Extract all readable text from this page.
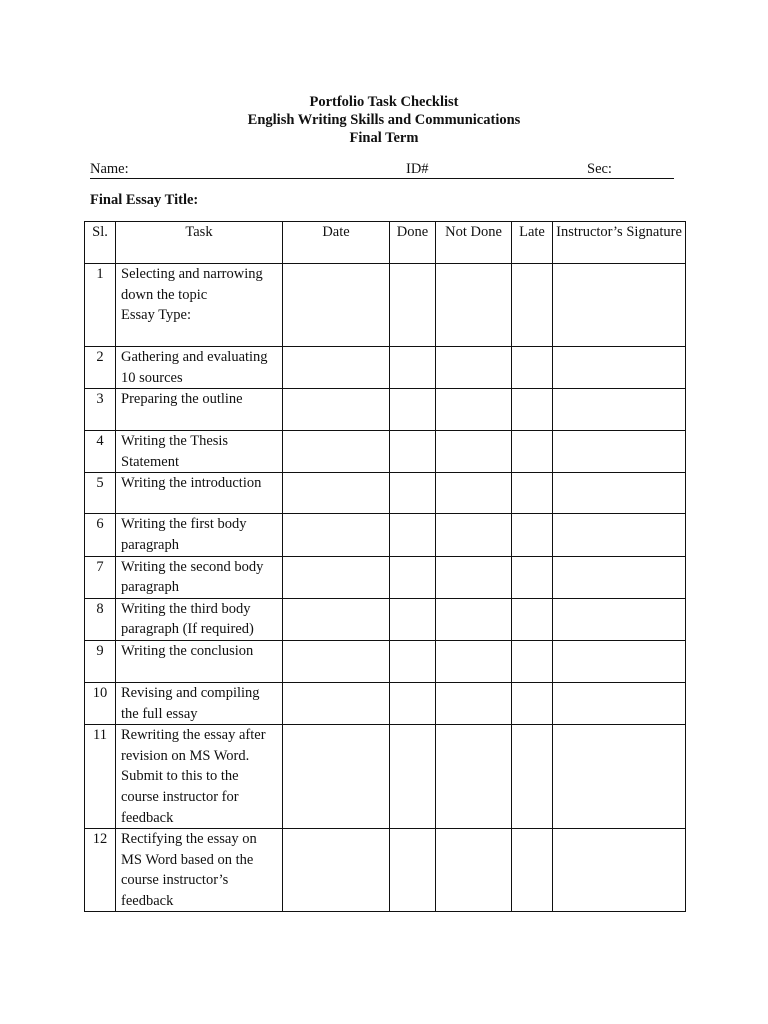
Portfolio Task Checklist
English Writing Skills and Communications
Final Term
Name:	ID#	Sec:
Final Essay Title:
Sl.	Task	Date	Done	Not Done	Late	Instructor’s Signature
1	Selecting and narrowing
down the topic
Essay Type:					

2	Gathering and evaluating
10 sources					

3	Preparing the outline					

4	Writing the Thesis
Statement					

5	Writing the introduction					

6	Writing the first body
paragraph					

7	Writing the second body
paragraph					

8	Writing the third body
paragraph (If required)					

9	Writing the conclusion					

10	Revising and compiling
the full essay					

11	Rewriting the essay after
revision on MS Word.
Submit to this to the
course instructor for
feedback					

12	Rectifying the essay on
MS Word based on the
course instructor’s
feedback					
